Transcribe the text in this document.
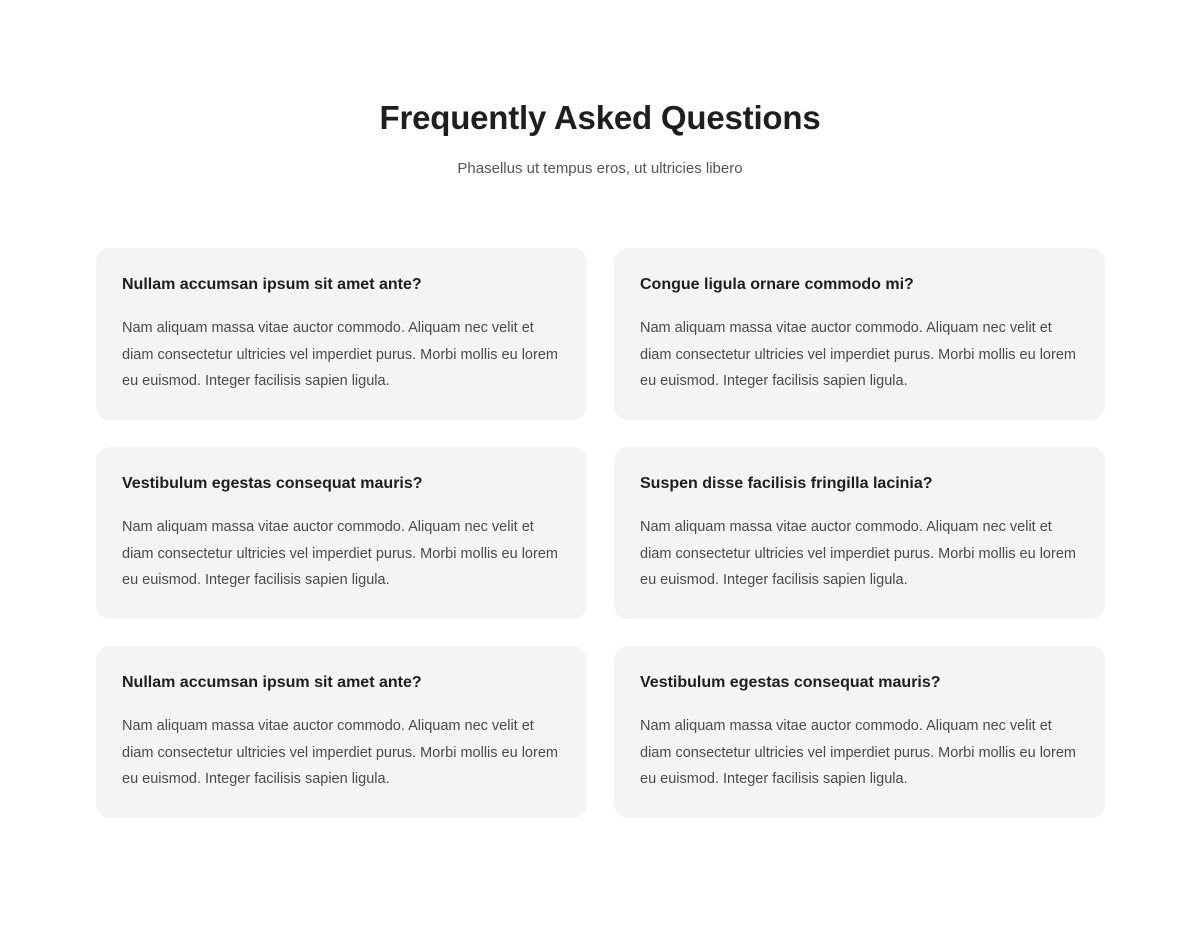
Frequently Asked Questions

Phasellus ut tempus eros, ut ultricies libero

Nullam accumsan ipsum sit amet ante?

Nam aliquam massa vitae auctor commodo. Aliquam nec velit et diam consectetur ultricies vel imperdiet purus. Morbi mollis eu lorem eu euismod. Integer facilisis sapien ligula.

Congue ligula ornare commodo mi?

Nam aliquam massa vitae auctor commodo. Aliquam nec velit et diam consectetur ultricies vel imperdiet purus. Morbi mollis eu lorem eu euismod. Integer facilisis sapien ligula.

Vestibulum egestas consequat mauris?

Nam aliquam massa vitae auctor commodo. Aliquam nec velit et diam consectetur ultricies vel imperdiet purus. Morbi mollis eu lorem eu euismod. Integer facilisis sapien ligula.

Suspen disse facilisis fringilla lacinia?

Nam aliquam massa vitae auctor commodo. Aliquam nec velit et diam consectetur ultricies vel imperdiet purus. Morbi mollis eu lorem eu euismod. Integer facilisis sapien ligula.

Nullam accumsan ipsum sit amet ante?

Nam aliquam massa vitae auctor commodo. Aliquam nec velit et diam consectetur ultricies vel imperdiet purus. Morbi mollis eu lorem eu euismod. Integer facilisis sapien ligula.

Vestibulum egestas consequat mauris?

Nam aliquam massa vitae auctor commodo. Aliquam nec velit et diam consectetur ultricies vel imperdiet purus. Morbi mollis eu lorem eu euismod. Integer facilisis sapien ligula.
